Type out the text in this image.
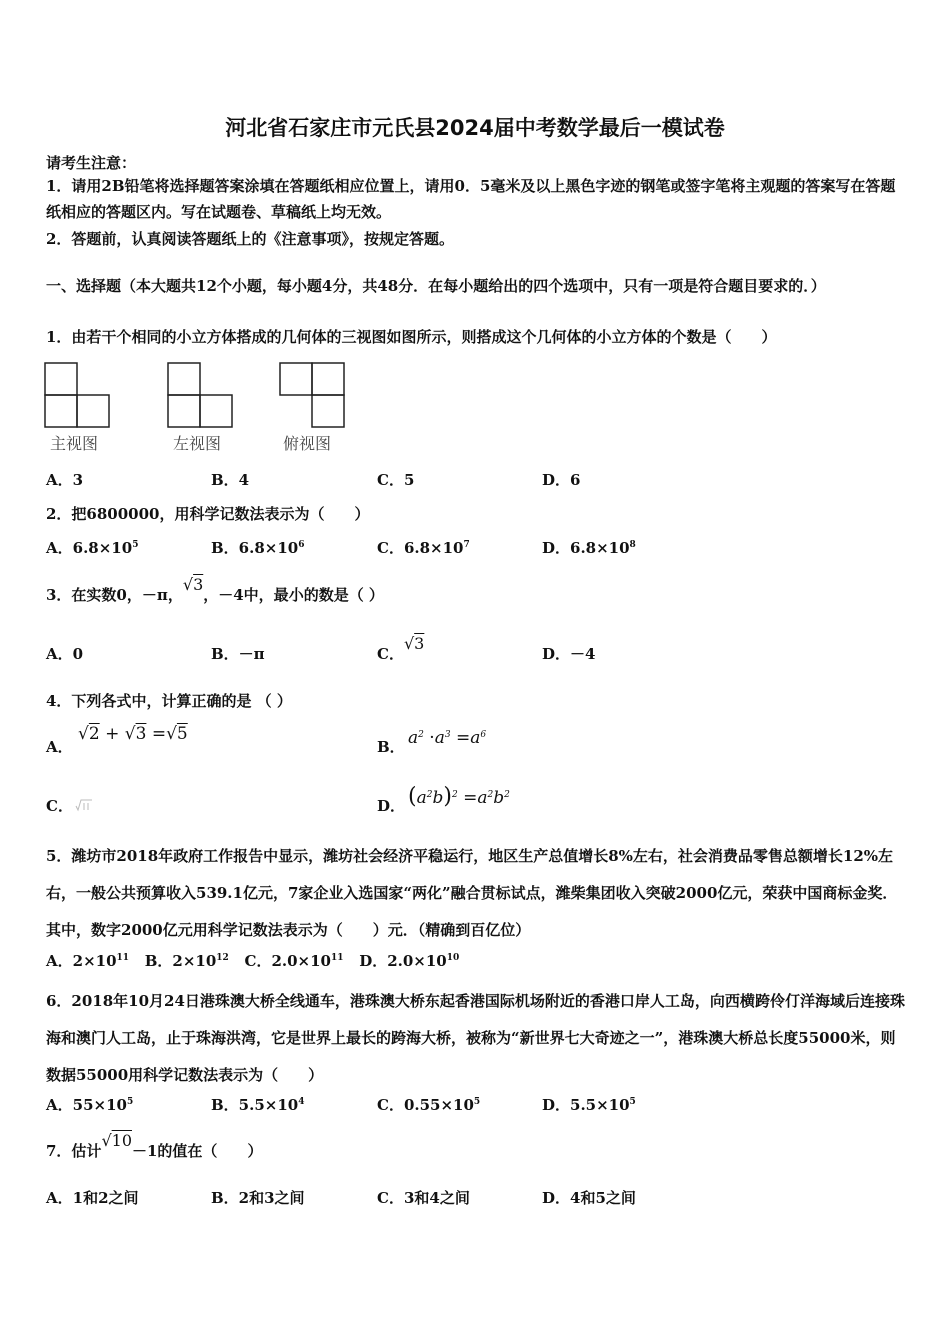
河北省石家庄市元氏县2024届中考数学最后一模试卷
请考生注意：
1．请用2B铅笔将选择题答案涂填在答题纸相应位置上，请用0．5毫米及以上黑色字迹的钢笔或签字笔将主观题的答案写在答题纸相应的答题区内。写在试题卷、草稿纸上均无效。
2．答题前，认真阅读答题纸上的《注意事项》，按规定答题。
一、选择题（本大题共12个小题，每小题4分，共48分．在每小题给出的四个选项中，只有一项是符合题目要求的．）
1．由若干个相同的小立方体搭成的几何体的三视图如图所示，则搭成这个几何体的小立方体的个数是（　　）
主视图	左视图	俯视图
A．3	B．4	C．5	D．6
2．把6800000，用科学记数法表示为（　　）
A．$6.8\times 10^5$	B．$6.8\times 10^6$	C．$6.8\times 10^7$	D．$6.8\times 10^8$
3．在实数0，－π，√3，－4中，最小的数是（ ）
A．0	B．－π	C．√3
D．－4
4．下列各式中，计算正确的是 （ ）
A．
√2 + √3 =√5
B． $a^2 \cdot a^3 =a^6$
C．	D． $(a^2b)^2 =a^2b^2$
5．潍坊市2018年政府工作报告中显示，潍坊社会经济平稳运行，地区生产总值增长8%左右，社会消费品零售总额增长12%左右，一般公共预算收入539.1亿元，7家企业入选国家“两化”融合贯标试点，潍柴集团收入突破2000亿元，荣获中国商标金奖．其中，数字2000亿元用科学记数法表示为（　　）元．（精确到百亿位）
A．$2\times 10^{11}$ B．$2\times 10^{12}$ C．$2.0\times 10^{11}$ D．$2.0\times 10^{10}$
6．2018年10月24日港珠澳大桥全线通车，港珠澳大桥东起香港国际机场附近的香港口岸人工岛，向西横跨伶仃洋海域后连接珠海和澳门人工岛，止于珠海洪湾，它是世界上最长的跨海大桥，被称为“新世界七大奇迹之一”，港珠澳大桥总长度55000米，则数据55000用科学记数法表示为（　　）
A．$55\times 10^5$	B．$5.5\times 10^4$	C．$0.55\times 10^5$	D．$5.5\times 10^5$
7．估计√10－1的值在（　　）
A．1和2之间	B．2和3之间	C．3和4之间	D．4和5之间
